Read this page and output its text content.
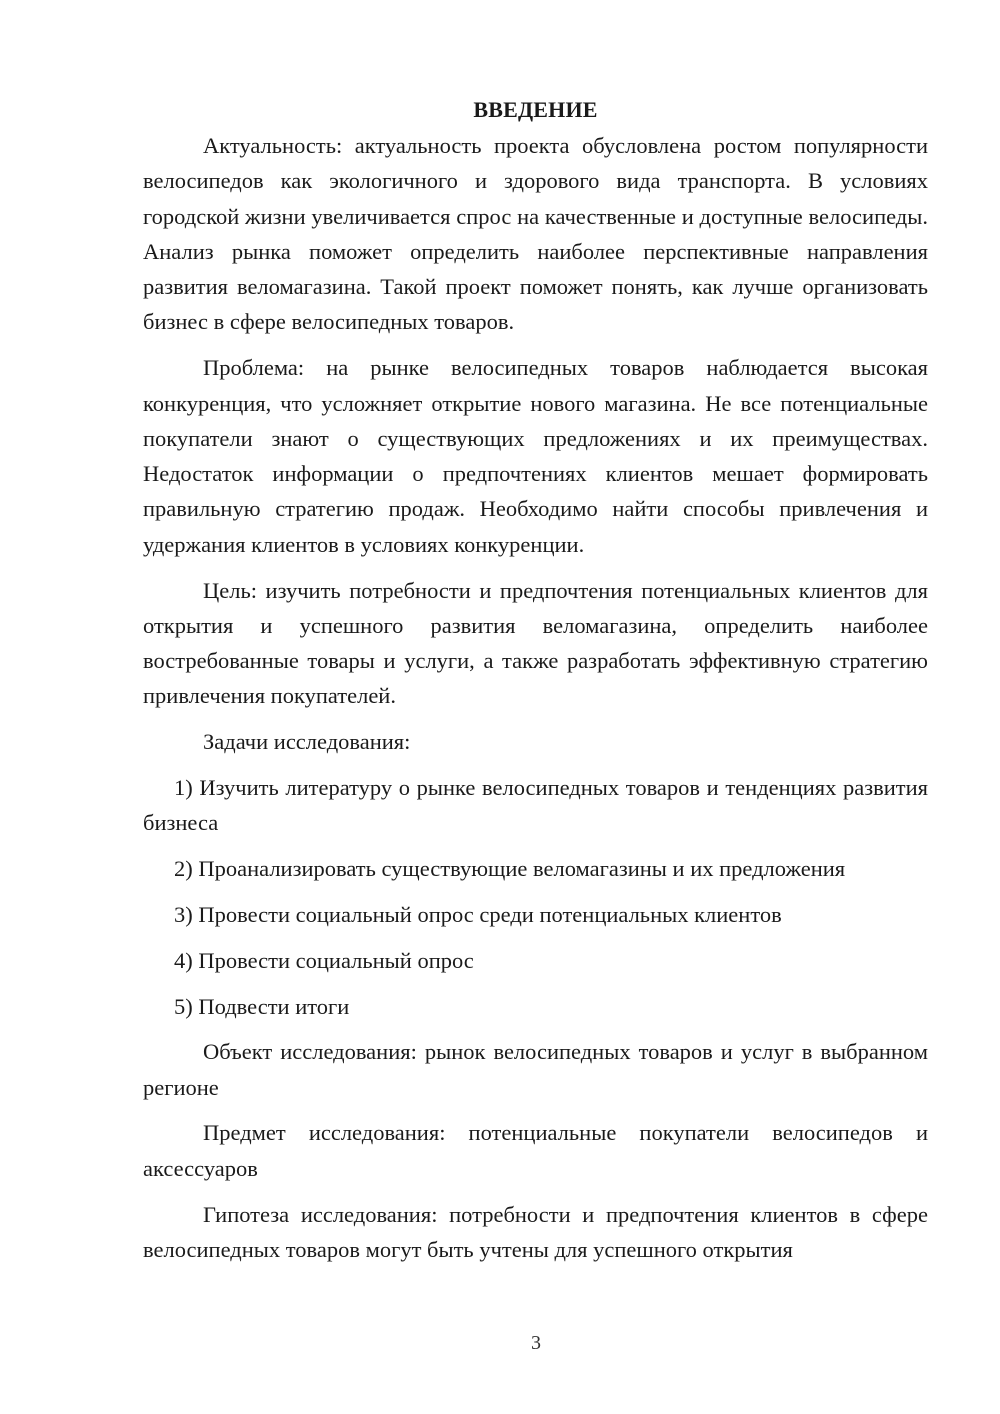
ВВЕДЕНИЕ

Актуальность: актуальность проекта обусловлена ростом популярности велосипедов как экологичного и здорового вида транспорта. В условиях городской жизни увеличивается спрос на качественные и доступные велосипеды. Анализ рынка поможет определить наиболее перспективные направления развития веломагазина. Такой проект поможет понять, как лучше организовать бизнес в сфере велосипедных товаров.

Проблема: на рынке велосипедных товаров наблюдается высокая конкуренция, что усложняет открытие нового магазина. Не все потенциальные покупатели знают о существующих предложениях и их преимуществах. Недостаток информации о предпочтениях клиентов мешает формировать правильную стратегию продаж. Необходимо найти способы привлечения и удержания клиентов в условиях конкуренции.

Цель: изучить потребности и предпочтения потенциальных клиентов для открытия и успешного развития веломагазина, определить наиболее востребованные товары и услуги, а также разработать эффективную стратегию привлечения покупателей.

Задачи исследования:

1) Изучить литературу о рынке велосипедных товаров и тенденциях развития бизнеса

2) Проанализировать существующие веломагазины и их предложения

3) Провести социальный опрос среди потенциальных клиентов

4) Провести социальный опрос

5) Подвести итоги

Объект исследования: рынок велосипедных товаров и услуг в выбранном регионе

Предмет исследования: потенциальные покупатели велосипедов и аксессуаров

Гипотеза исследования: потребности и предпочтения клиентов в сфере велосипедных товаров могут быть учтены для успешного открытия

3
